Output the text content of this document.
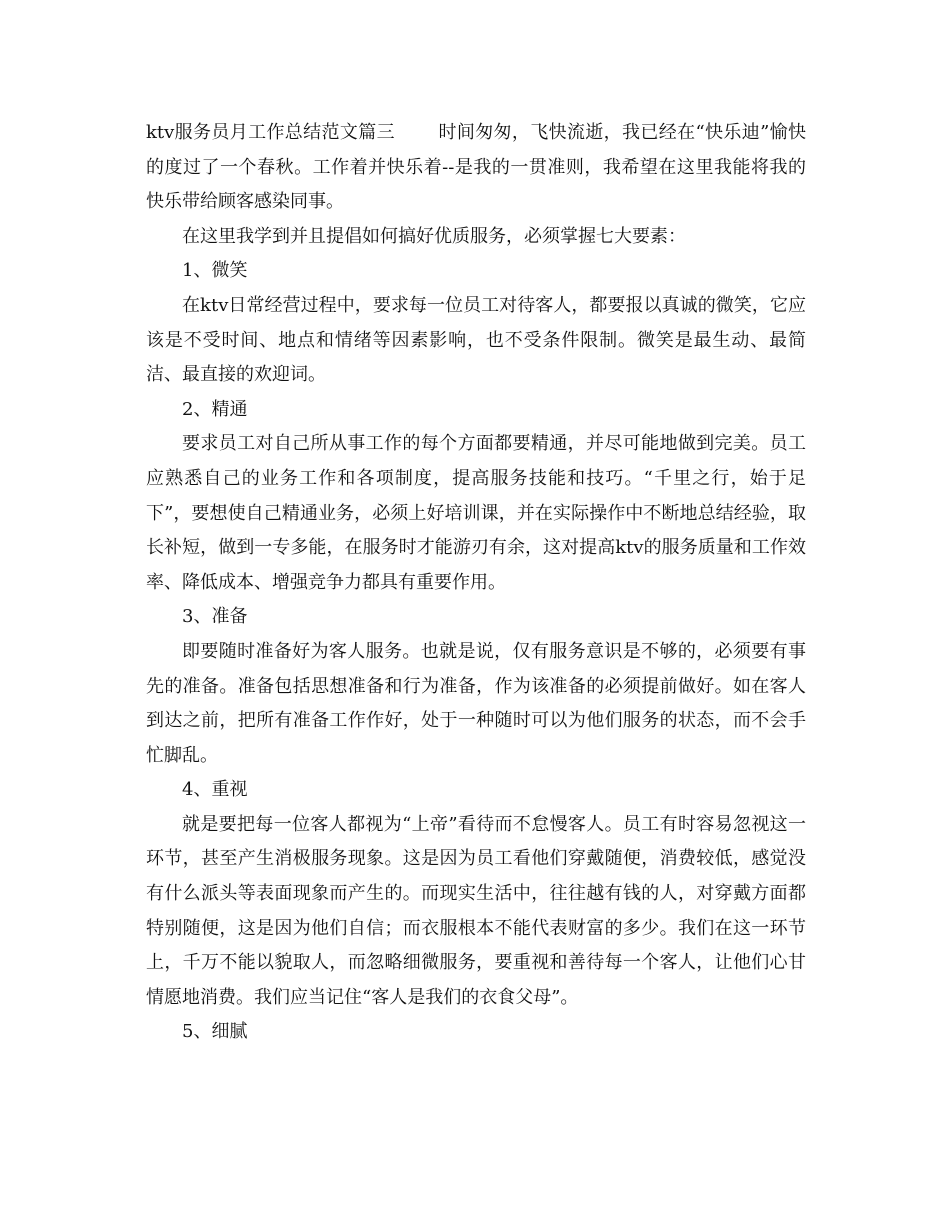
ktv服务员月工作总结范文篇三 时间匆匆，飞快流逝，我已经在“快乐迪”愉快的度过了一个春秋。工作着并快乐着--是我的一贯准则，我希望在这里我能将我的快乐带给顾客感染同事。

在这里我学到并且提倡如何搞好优质服务，必须掌握七大要素：

1、微笑

在ktv日常经营过程中，要求每一位员工对待客人，都要报以真诚的微笑，它应该是不受时间、地点和情绪等因素影响，也不受条件限制。微笑是最生动、最简洁、最直接的欢迎词。

2、精通

要求员工对自己所从事工作的每个方面都要精通，并尽可能地做到完美。员工应熟悉自己的业务工作和各项制度，提高服务技能和技巧。“千里之行，始于足下”，要想使自己精通业务，必须上好培训课，并在实际操作中不断地总结经验，取长补短，做到一专多能，在服务时才能游刃有余，这对提高ktv的服务质量和工作效率、降低成本、增强竞争力都具有重要作用。

3、准备

即要随时准备好为客人服务。也就是说，仅有服务意识是不够的，必须要有事先的准备。准备包括思想准备和行为准备，作为该准备的必须提前做好。如在客人到达之前，把所有准备工作作好，处于一种随时可以为他们服务的状态，而不会手忙脚乱。

4、重视

就是要把每一位客人都视为“上帝”看待而不怠慢客人。员工有时容易忽视这一环节，甚至产生消极服务现象。这是因为员工看他们穿戴随便，消费较低，感觉没有什么派头等表面现象而产生的。而现实生活中，往往越有钱的人，对穿戴方面都特别随便，这是因为他们自信；而衣服根本不能代表财富的多少。我们在这一环节上，千万不能以貌取人，而忽略细微服务，要重视和善待每一个客人，让他们心甘情愿地消费。我们应当记住“客人是我们的衣食父母”。

5、细腻
